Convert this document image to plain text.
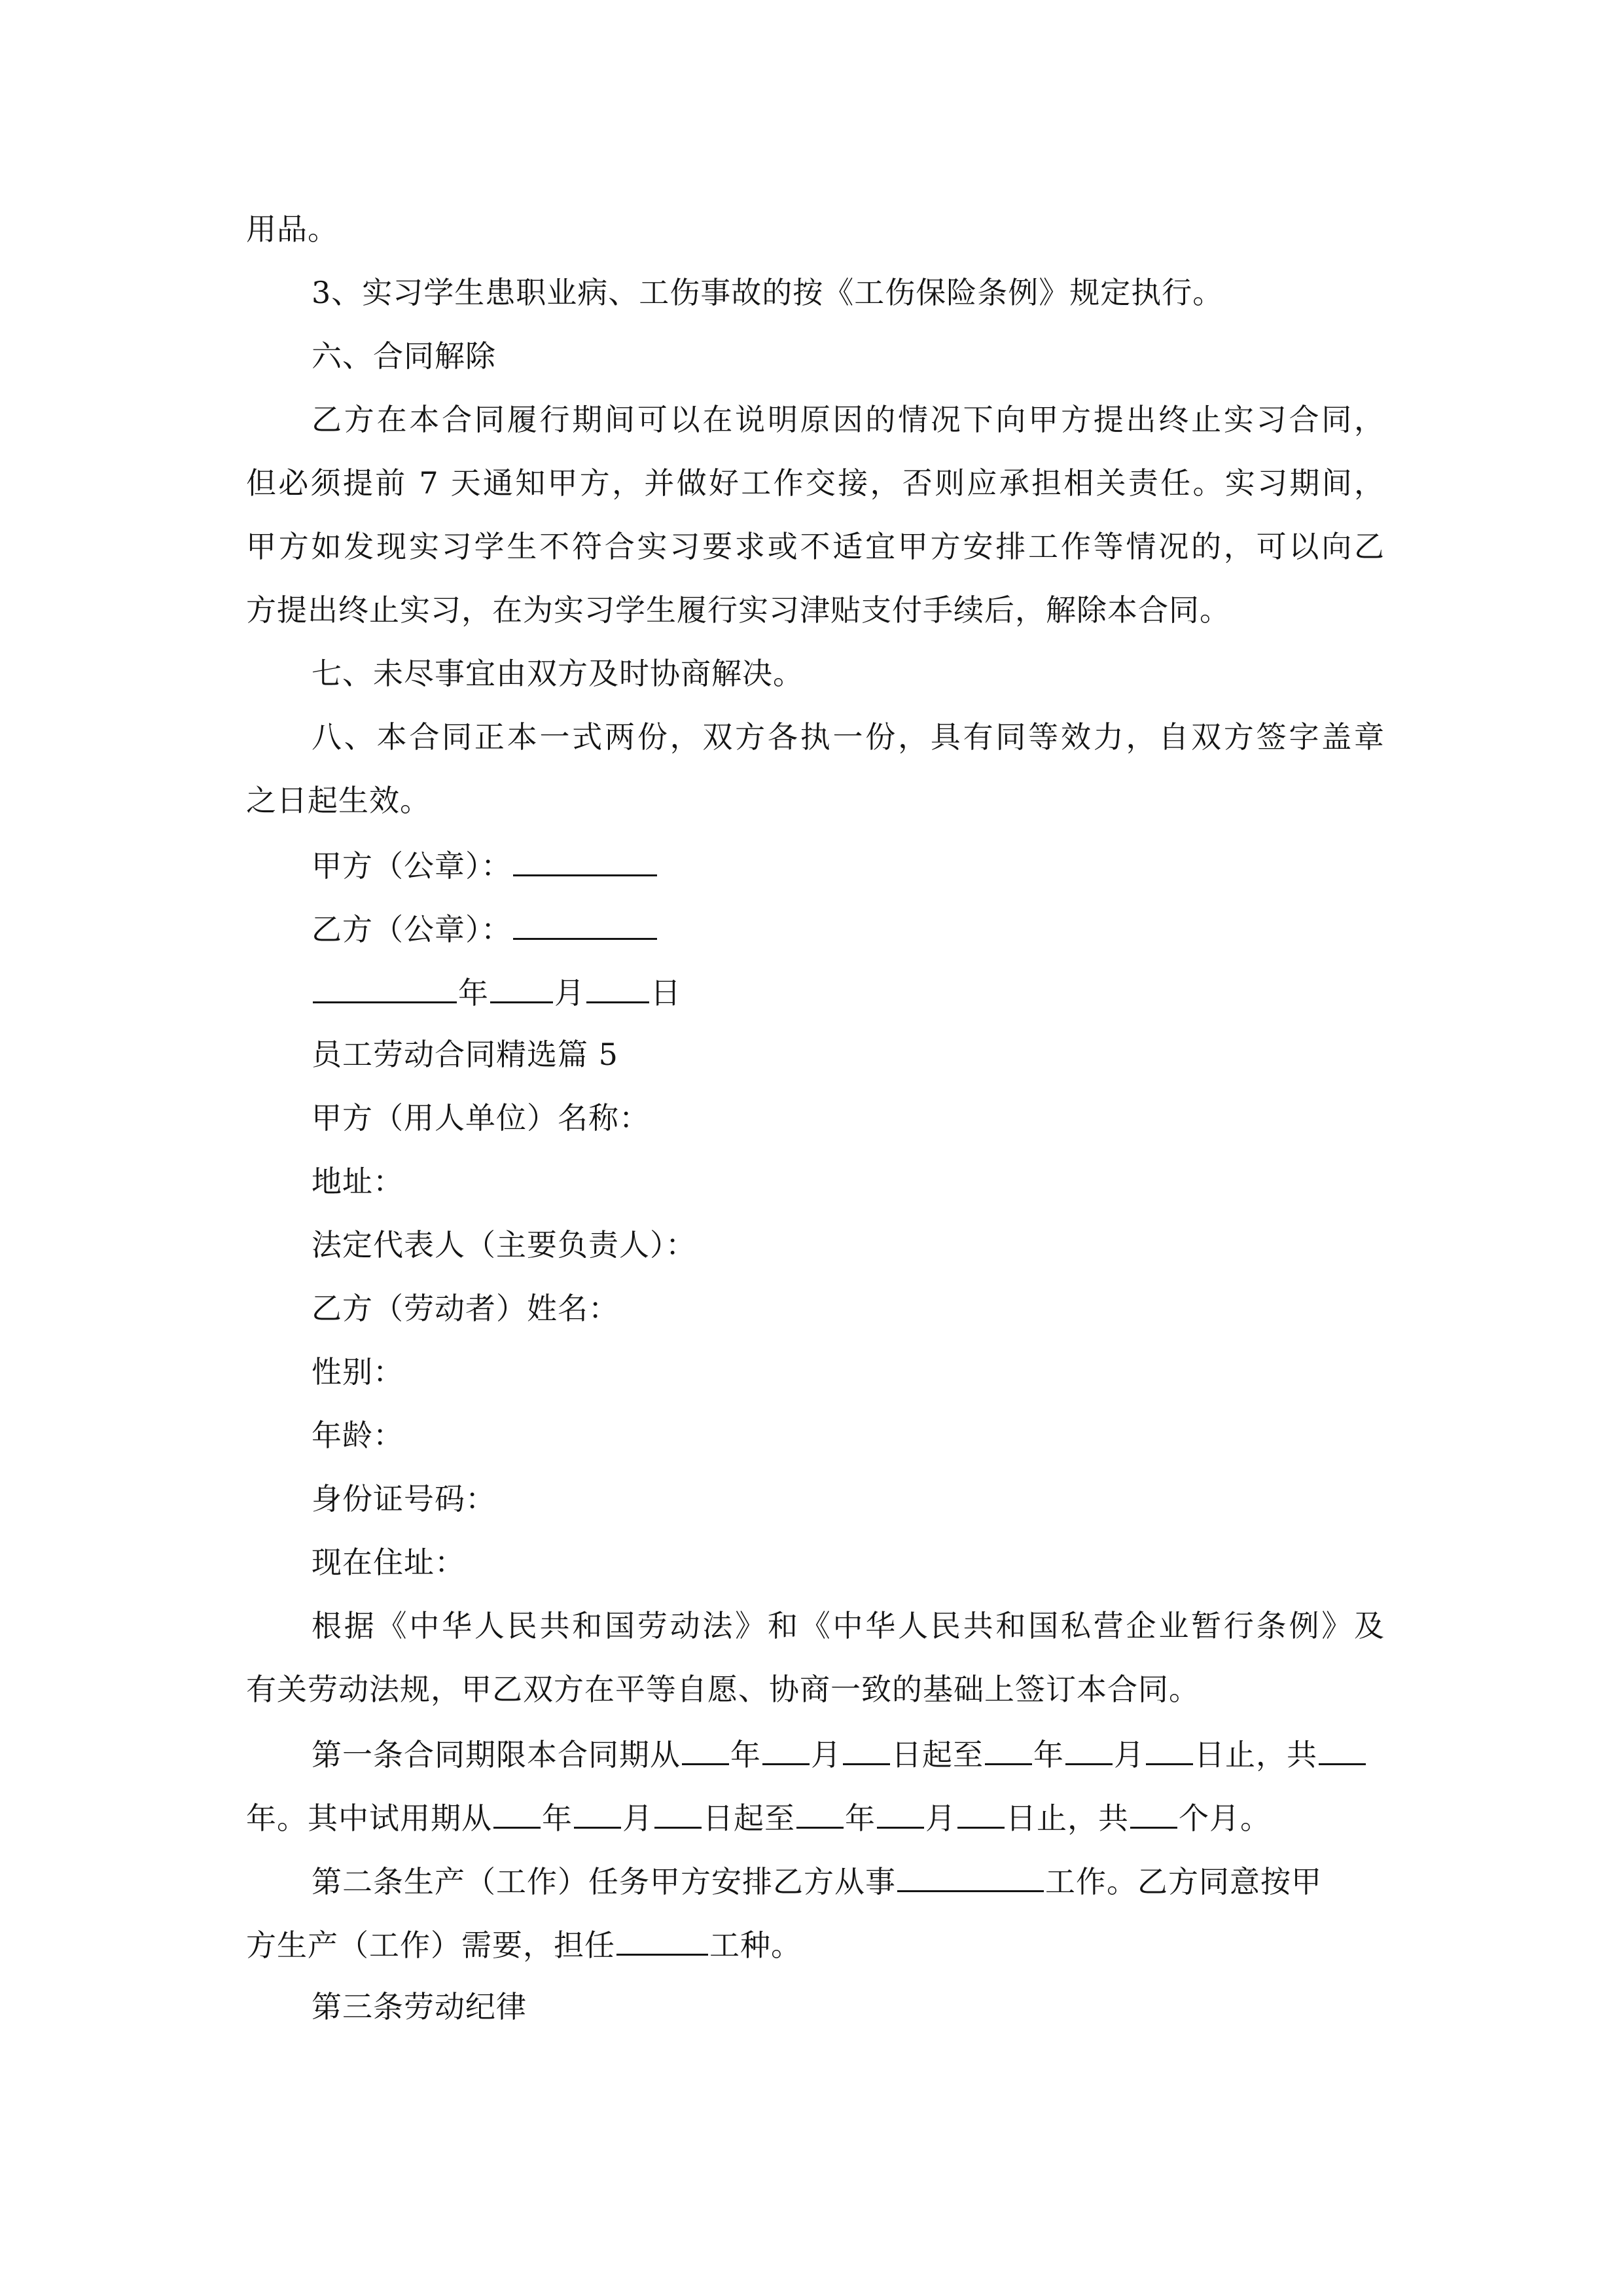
用品。
3、实习学生患职业病、工伤事故的按《工伤保险条例》规定执行。
六、合同解除
乙方在本合同履行期间可以在说明原因的情况下向甲方提出终止实习合同，
但必须提前 7 天通知甲方，并做好工作交接，否则应承担相关责任。实习期间，
甲方如发现实习学生不符合实习要求或不适宜甲方安排工作等情况的，可以向乙
方提出终止实习，在为实习学生履行实习津贴支付手续后，解除本合同。
七、未尽事宜由双方及时协商解决。
八、本合同正本一式两份，双方各执一份，具有同等效力，自双方签字盖章
之日起生效。
甲方（公章）：
乙方（公章）：
年 月 日
员工劳动合同精选篇 5
甲方（用人单位）名称：
地址：
法定代表人（主要负责人）：
乙方（劳动者）姓名：
性别：
年龄：
身份证号码：
现在住址：
根据《中华人民共和国劳动法》和《中华人民共和国私营企业暂行条例》及
有关劳动法规，甲乙双方在平等自愿、协商一致的基础上签订本合同。
第一条合同期限本合同期从 年 月 日起至 年 月 日止，共
年。其中试用期从 年 月 日起至 年 月 日止，共 个月。
第二条生产（工作）任务甲方安排乙方从事	工作。乙方同意按甲
方生产（工作）需要，担任	工种。
第三条劳动纪律
